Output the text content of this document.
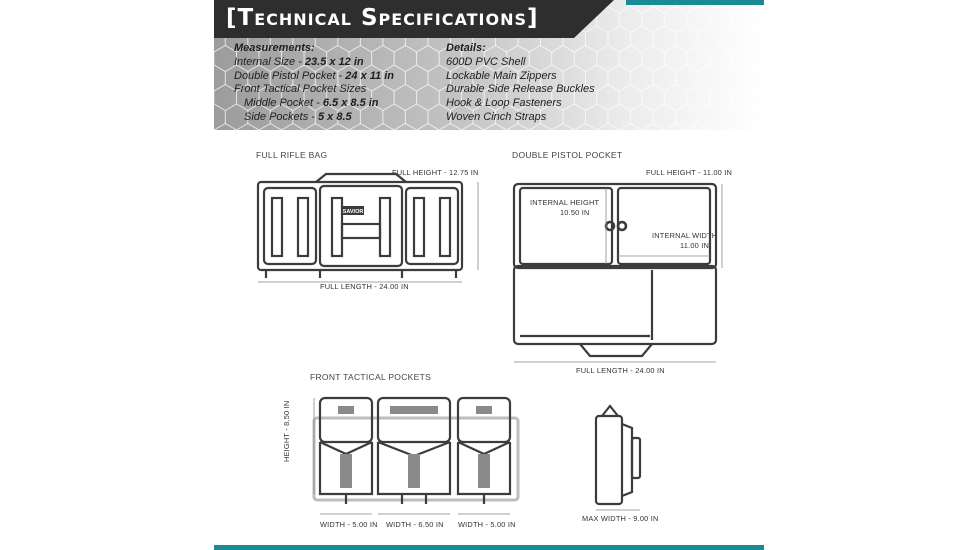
[Technical Specifications]
Measurements:
Internal Size - 23.5 x 12 in
Double Pistol Pocket - 24 x 11 in
Front Tactical Pocket Sizes
Middle Pocket - 6.5 x 8.5 in
Side Pockets - 5 x 8.5
Details:
600D PVC Shell
Lockable Main Zippers
Durable Side Release Buckles
Hook & Loop Fasteners
Woven Cinch Straps
FULL RIFLE BAG
FULL HEIGHT - 12.75 IN
FULL LENGTH - 24.00 IN
SAVIOR
DOUBLE PISTOL POCKET
FULL HEIGHT - 11.00 IN
INTERNAL HEIGHT
10.50 IN
INTERNAL WIDTH
11.00 IN
FULL LENGTH - 24.00 IN
FRONT TACTICAL POCKETS
HEIGHT - 8.50 IN
WIDTH - 5.00 IN WIDTH - 6.50 IN WIDTH - 5.00 IN
MAX WIDTH - 9.00 IN
